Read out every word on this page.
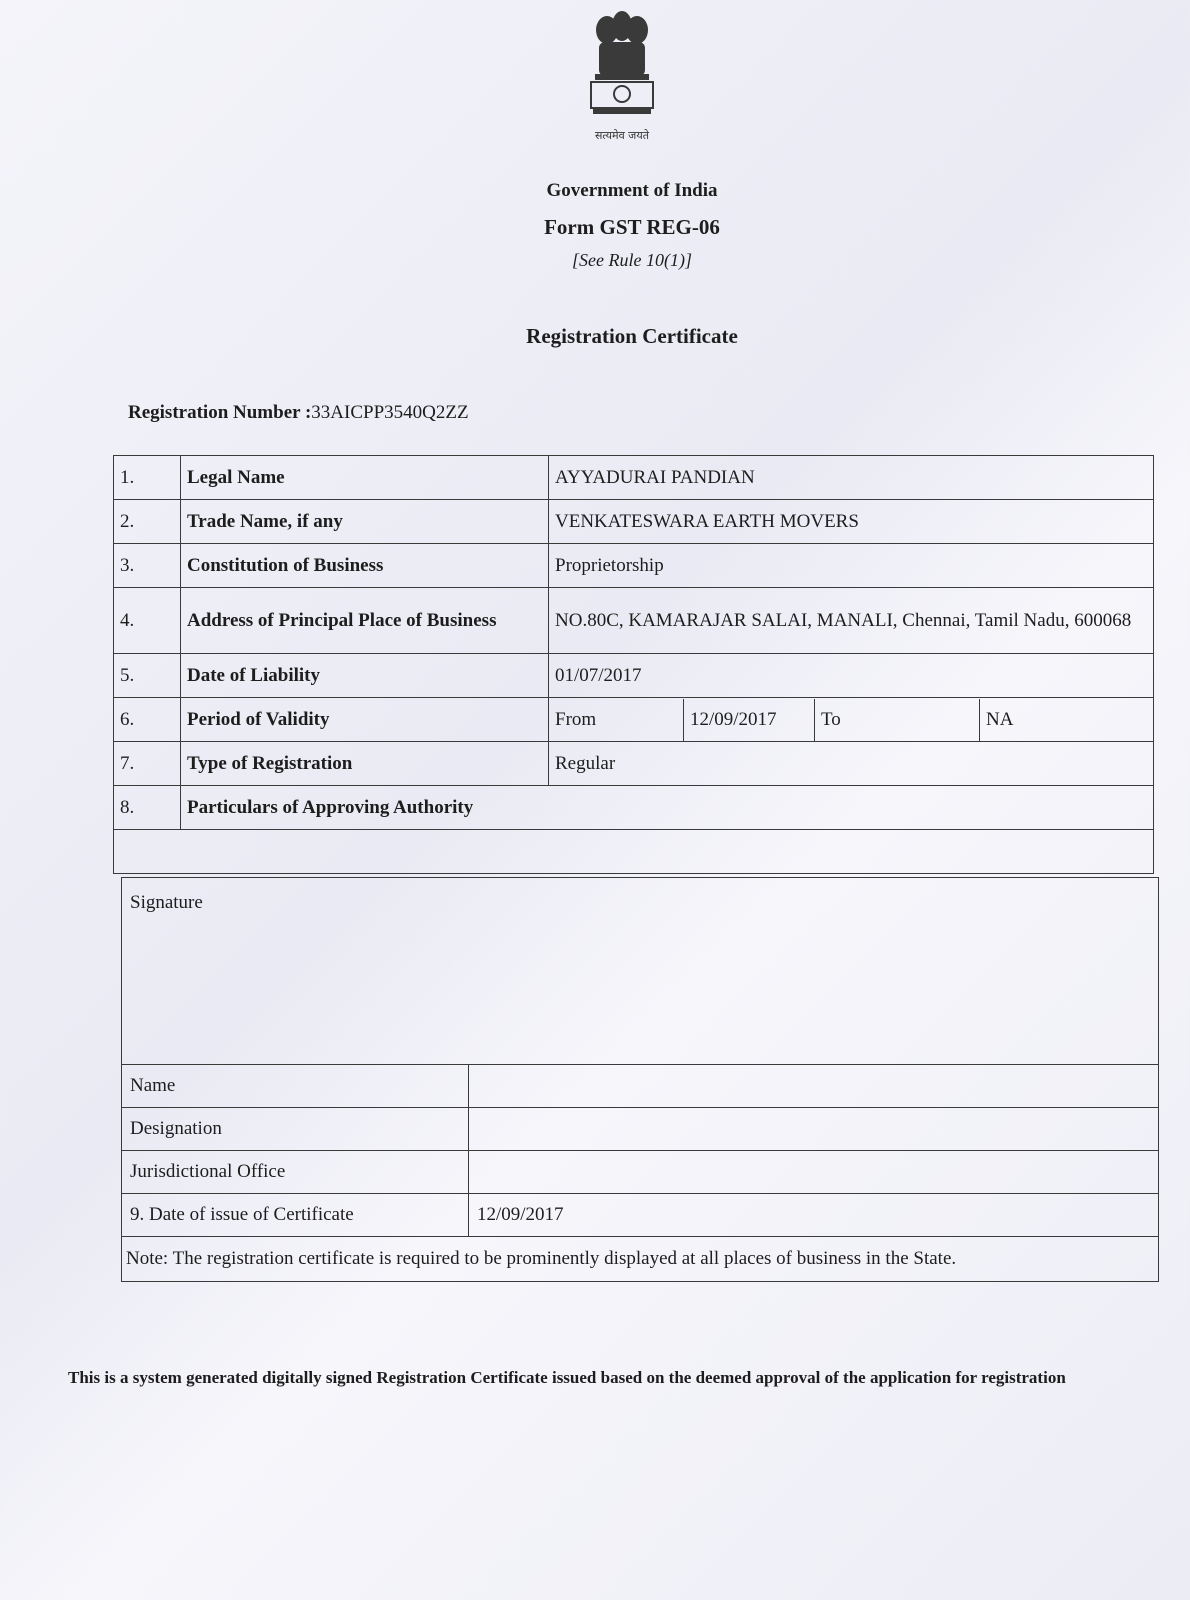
सत्यमेव जयते
Government of India
Form GST REG-06
[See Rule 10(1)]
Registration Certificate
Registration Number :33AICPP3540Q2ZZ
1.	Legal Name	AYYADURAI PANDIAN
2.	Trade Name, if any	VENKATESWARA EARTH MOVERS
3.	Constitution of Business	Proprietorship
4.	Address of Principal Place of Business	NO.80C, KAMARAJAR SALAI, MANALI, Chennai, Tamil Nadu, 600068
5.	Date of Liability	01/07/2017
6.	Period of Validity		From	12/09/2017	To	NA

7.	Type of Registration	Regular
8.	Particulars of Approving Authority

Signature	
Name	
Designation	
Jurisdictional Office	
9. Date of issue of Certificate	12/09/2017
Note: The registration certificate is required to be prominently displayed at all places of business in the State.	
This is a system generated digitally signed Registration Certificate issued based on the deemed approval of the application for registration
